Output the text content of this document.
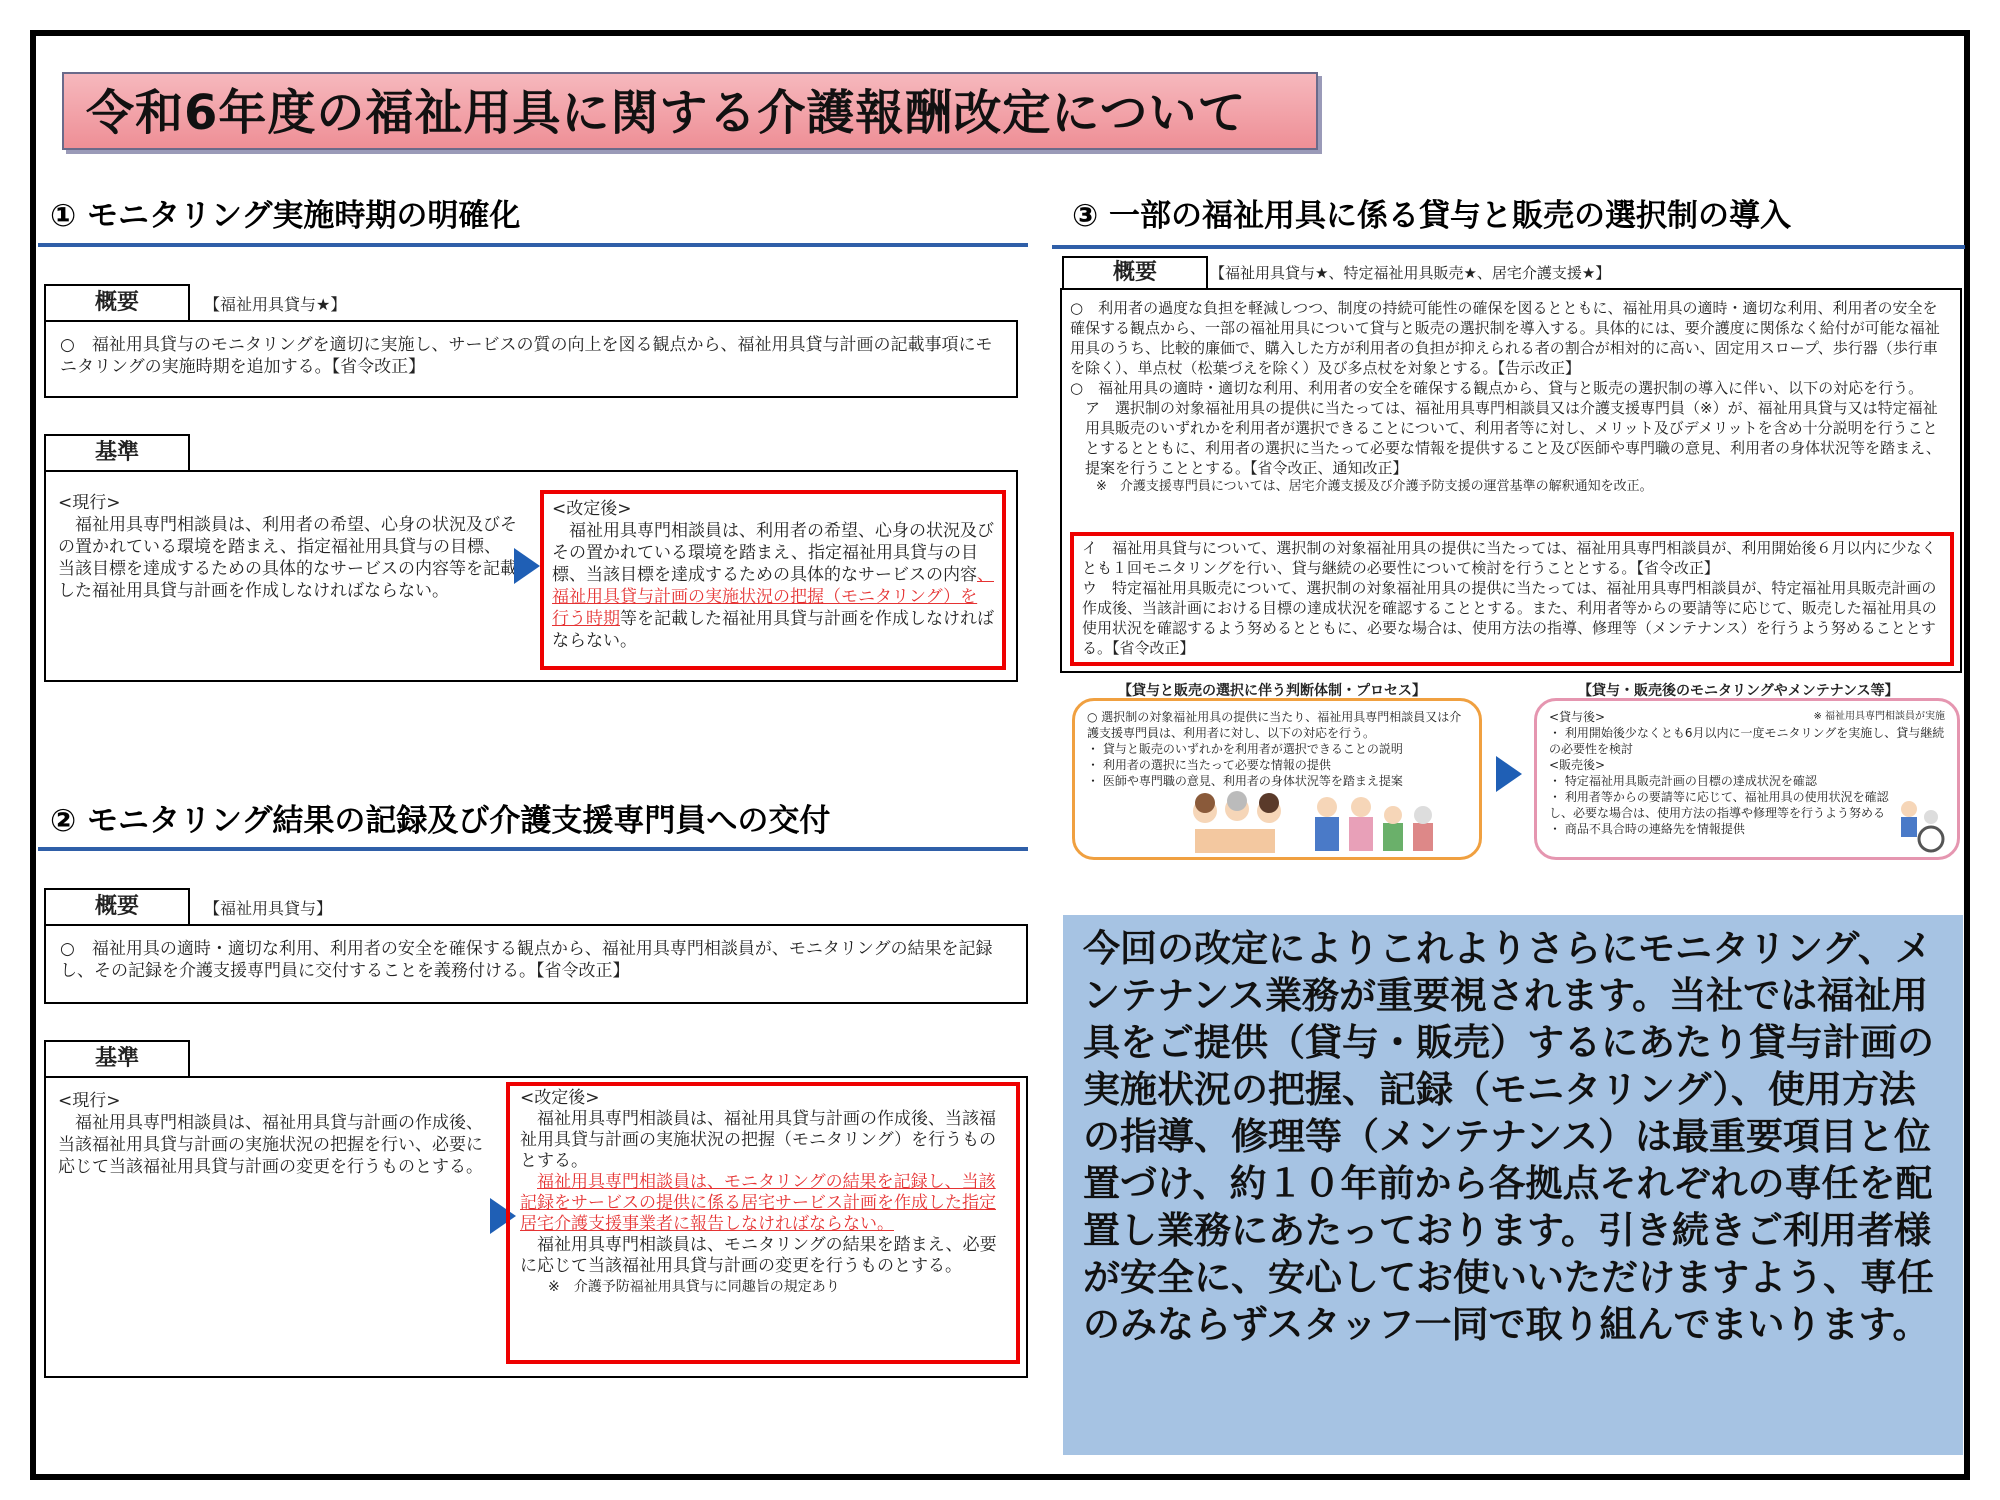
令和6年度の福祉用具に関する介護報酬改定について
① モニタリング実施時期の明確化
概要	【福祉用具貸与★】

○　福祉用具貸与のモニタリングを適切に実施し、サービスの質の向上を図る観点から、福祉用具貸与計画の記載事項にモニタリングの実施時期を追加する。【省令改正】

基準

<現行>

福祉用具専門相談員は、利用者の希望、心身の状況及びその置かれている環境を踏まえ、指定福祉用具貸与の目標、当該目標を達成するための具体的なサービスの内容等を記載した福祉用具貸与計画を作成しなければならない。

<改定後>

福祉用具専門相談員は、利用者の希望、心身の状況及びその置かれている環境を踏まえ、指定福祉用具貸与の目標、当該目標を達成するための具体的なサービスの内容、福祉用具貸与計画の実施状況の把握（モニタリング）を行う時期等を記載した福祉用具貸与計画を作成しなければならない。

② モニタリング結果の記録及び介護支援専門員への交付
概要	【福祉用具貸与】

○　福祉用具の適時・適切な利用、利用者の安全を確保する観点から、福祉用具専門相談員が、モニタリングの結果を記録し、その記録を介護支援専門員に交付することを義務付ける。【省令改正】

基準

<現行>

福祉用具専門相談員は、福祉用具貸与計画の作成後、当該福祉用具貸与計画の実施状況の把握を行い、必要に応じて当該福祉用具貸与計画の変更を行うものとする。

<改定後>

福祉用具専門相談員は、福祉用具貸与計画の作成後、当該福祉用具貸与計画の実施状況の把握（モニタリング）を行うものとする。

福祉用具専門相談員は、モニタリングの結果を記録し、当該記録をサービスの提供に係る居宅サービス計画を作成した指定居宅介護支援事業者に報告しなければならない。

福祉用具専門相談員は、モニタリングの結果を踏まえ、必要に応じて当該福祉用具貸与計画の変更を行うものとする。

※　介護予防福祉用具貸与に同趣旨の規定あり

③ 一部の福祉用具に係る貸与と販売の選択制の導入
概要	【福祉用具貸与★、特定福祉用具販売★、居宅介護支援★】

○　利用者の過度な負担を軽減しつつ、制度の持続可能性の確保を図るとともに、福祉用具の適時・適切な利用、利用者の安全を確保する観点から、一部の福祉用具について貸与と販売の選択制を導入する。具体的には、要介護度に関係なく給付が可能な福祉用具のうち、比較的廉価で、購入した方が利用者の負担が抑えられる者の割合が相対的に高い、固定用スロープ、歩行器（歩行車を除く）、単点杖（松葉づえを除く）及び多点杖を対象とする。【告示改正】

○　福祉用具の適時・適切な利用、利用者の安全を確保する観点から、貸与と販売の選択制の導入に伴い、以下の対応を行う。

ア　選択制の対象福祉用具の提供に当たっては、福祉用具専門相談員又は介護支援専門員（※）が、福祉用具貸与又は特定福祉用具販売のいずれかを利用者が選択できることについて、利用者等に対し、メリット及びデメリットを含め十分説明を行うこととするとともに、利用者の選択に当たって必要な情報を提供すること及び医師や専門職の意見、利用者の身体状況等を踏まえ、提案を行うこととする。【省令改正、通知改正】

※　介護支援専門員については、居宅介護支援及び介護予防支援の運営基準の解釈通知を改正。

イ　福祉用具貸与について、選択制の対象福祉用具の提供に当たっては、福祉用具専門相談員が、利用開始後６月以内に少なくとも１回モニタリングを行い、貸与継続の必要性について検討を行うこととする。【省令改正】

ウ　特定福祉用具販売について、選択制の対象福祉用具の提供に当たっては、福祉用具専門相談員が、特定福祉用具販売計画の作成後、当該計画における目標の達成状況を確認することとする。また、利用者等からの要請等に応じて、販売した福祉用具の使用状況を確認するよう努めるとともに、必要な場合は、使用方法の指導、修理等（メンテナンス）を行うよう努めることとする。【省令改正】

【貸与と販売の選択に伴う判断体制・プロセス】	【貸与・販売後のモニタリングやメンテナンス等】

○ 選択制の対象福祉用具の提供に当たり、福祉用具専門相談員又は介護支援専門員は、利用者に対し、以下の対応を行う。

・ 貸与と販売のいずれかを利用者が選択できることの説明

・ 利用者の選択に当たって必要な情報の提供

・ 医師や専門職の意見、利用者の身体状況等を踏まえ提案

<貸与後>	※ 福祉用具専門相談員が実施

・ 利用開始後少なくとも6月以内に一度モニタリングを実施し、貸与継続の必要性を検討

<販売後>

・ 特定福祉用具販売計画の目標の達成状況を確認

・ 利用者等からの要請等に応じて、福祉用具の使用状況を確認し、必要な場合は、使用方法の指導や修理等を行うよう努める

・ 商品不具合時の連絡先を情報提供

今回の改定によりこれよりさらにモニタリング、メンテナンス業務が重要視されます。当社では福祉用具をご提供（貸与・販売）するにあたり貸与計画の実施状況の把握、記録（モニタリング）、使用方法の指導、修理等（メンテナンス）は最重要項目と位置づけ、約１０年前から各拠点それぞれの専任を配置し業務にあたっております。引き続きご利用者様が安全に、安心してお使いいただけますよう、専任のみならずスタッフ一同で取り組んでまいります。
